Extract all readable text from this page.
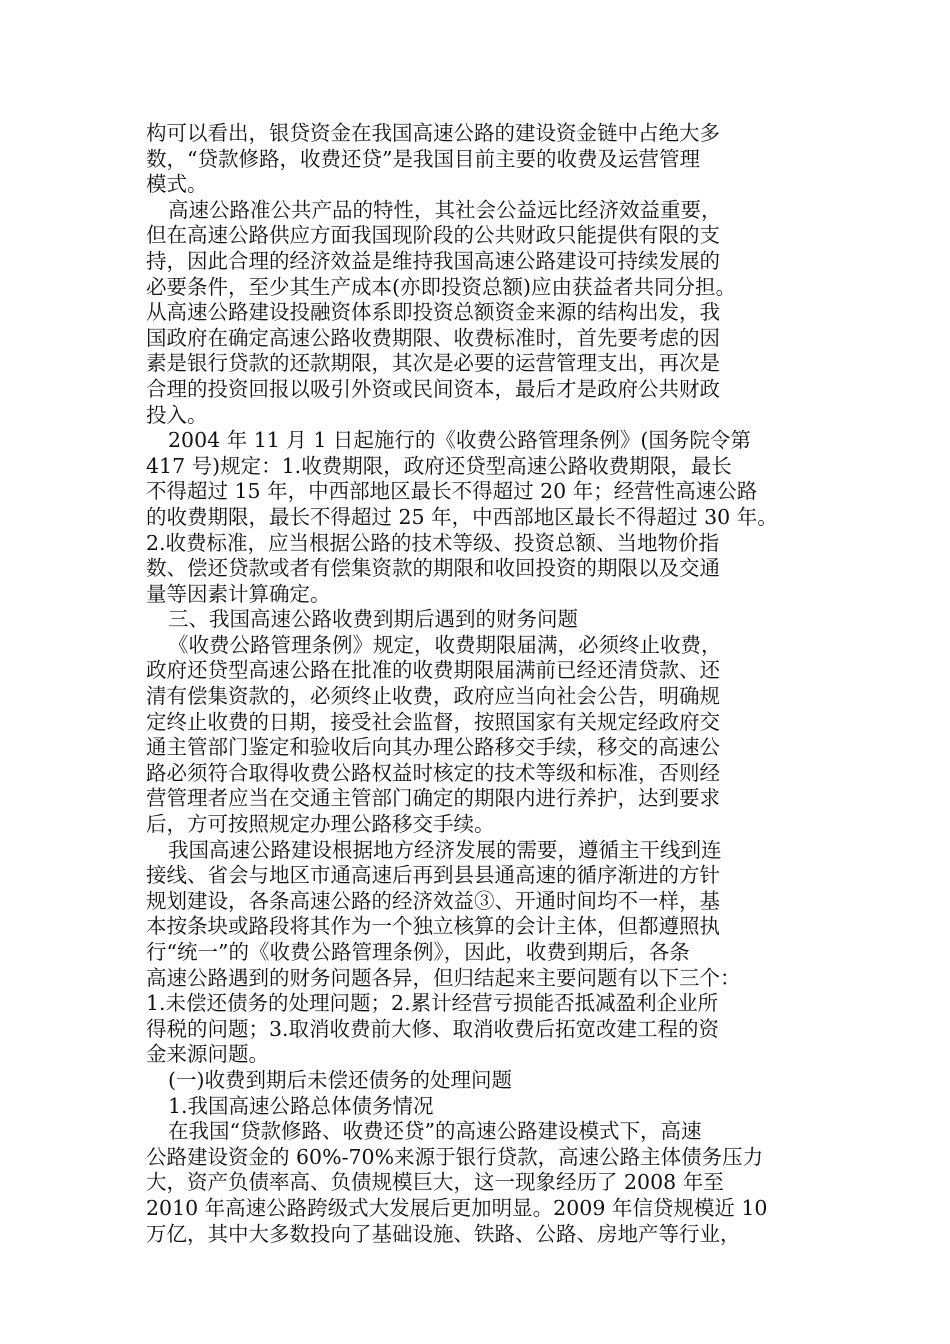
构可以看出，银贷资金在我国高速公路的建设资金链中占绝大多
数，“贷款修路，收费还贷”是我国目前主要的收费及运营管理
模式。
高速公路准公共产品的特性，其社会公益远比经济效益重要，
但在高速公路供应方面我国现阶段的公共财政只能提供有限的支
持，因此合理的经济效益是维持我国高速公路建设可持续发展的
必要条件，至少其生产成本(亦即投资总额)应由获益者共同分担。
从高速公路建设投融资体系即投资总额资金来源的结构出发，我
国政府在确定高速公路收费期限、收费标准时，首先要考虑的因
素是银行贷款的还款期限，其次是必要的运营管理支出，再次是
合理的投资回报以吸引外资或民间资本，最后才是政府公共财政
投入。
2004 年 11 月 1 日起施行的《收费公路管理条例》(国务院令第
417 号)规定：1.收费期限，政府还贷型高速公路收费期限，最长
不得超过 15 年，中西部地区最长不得超过 20 年；经营性高速公路
的收费期限，最长不得超过 25 年，中西部地区最长不得超过 30 年。
2.收费标准，应当根据公路的技术等级、投资总额、当地物价指
数、偿还贷款或者有偿集资款的期限和收回投资的期限以及交通
量等因素计算确定。
三、我国高速公路收费到期后遇到的财务问题
《收费公路管理条例》规定，收费期限届满，必须终止收费，
政府还贷型高速公路在批准的收费期限届满前已经还清贷款、还
清有偿集资款的，必须终止收费，政府应当向社会公告，明确规
定终止收费的日期，接受社会监督，按照国家有关规定经政府交
通主管部门鉴定和验收后向其办理公路移交手续，移交的高速公
路必须符合取得收费公路权益时核定的技术等级和标准，否则经
营管理者应当在交通主管部门确定的期限内进行养护，达到要求
后，方可按照规定办理公路移交手续。
我国高速公路建设根据地方经济发展的需要，遵循主干线到连
接线、省会与地区市通高速后再到县县通高速的循序渐进的方针
规划建设，各条高速公路的经济效益③、开通时间均不一样，基
本按条块或路段将其作为一个独立核算的会计主体，但都遵照执
行“统一”的《收费公路管理条例》，因此，收费到期后，各条
高速公路遇到的财务问题各异，但归结起来主要问题有以下三个：
1.未偿还债务的处理问题；2.累计经营亏损能否抵减盈利企业所
得税的问题；3.取消收费前大修、取消收费后拓宽改建工程的资
金来源问题。
(一)收费到期后未偿还债务的处理问题
1.我国高速公路总体债务情况
在我国“贷款修路、收费还贷”的高速公路建设模式下，高速
公路建设资金的 60%-70%来源于银行贷款，高速公路主体债务压力
大，资产负债率高、负债规模巨大，这一现象经历了 2008 年至
2010 年高速公路跨级式大发展后更加明显。2009 年信贷规模近 10
万亿，其中大多数投向了基础设施、铁路、公路、房地产等行业，
